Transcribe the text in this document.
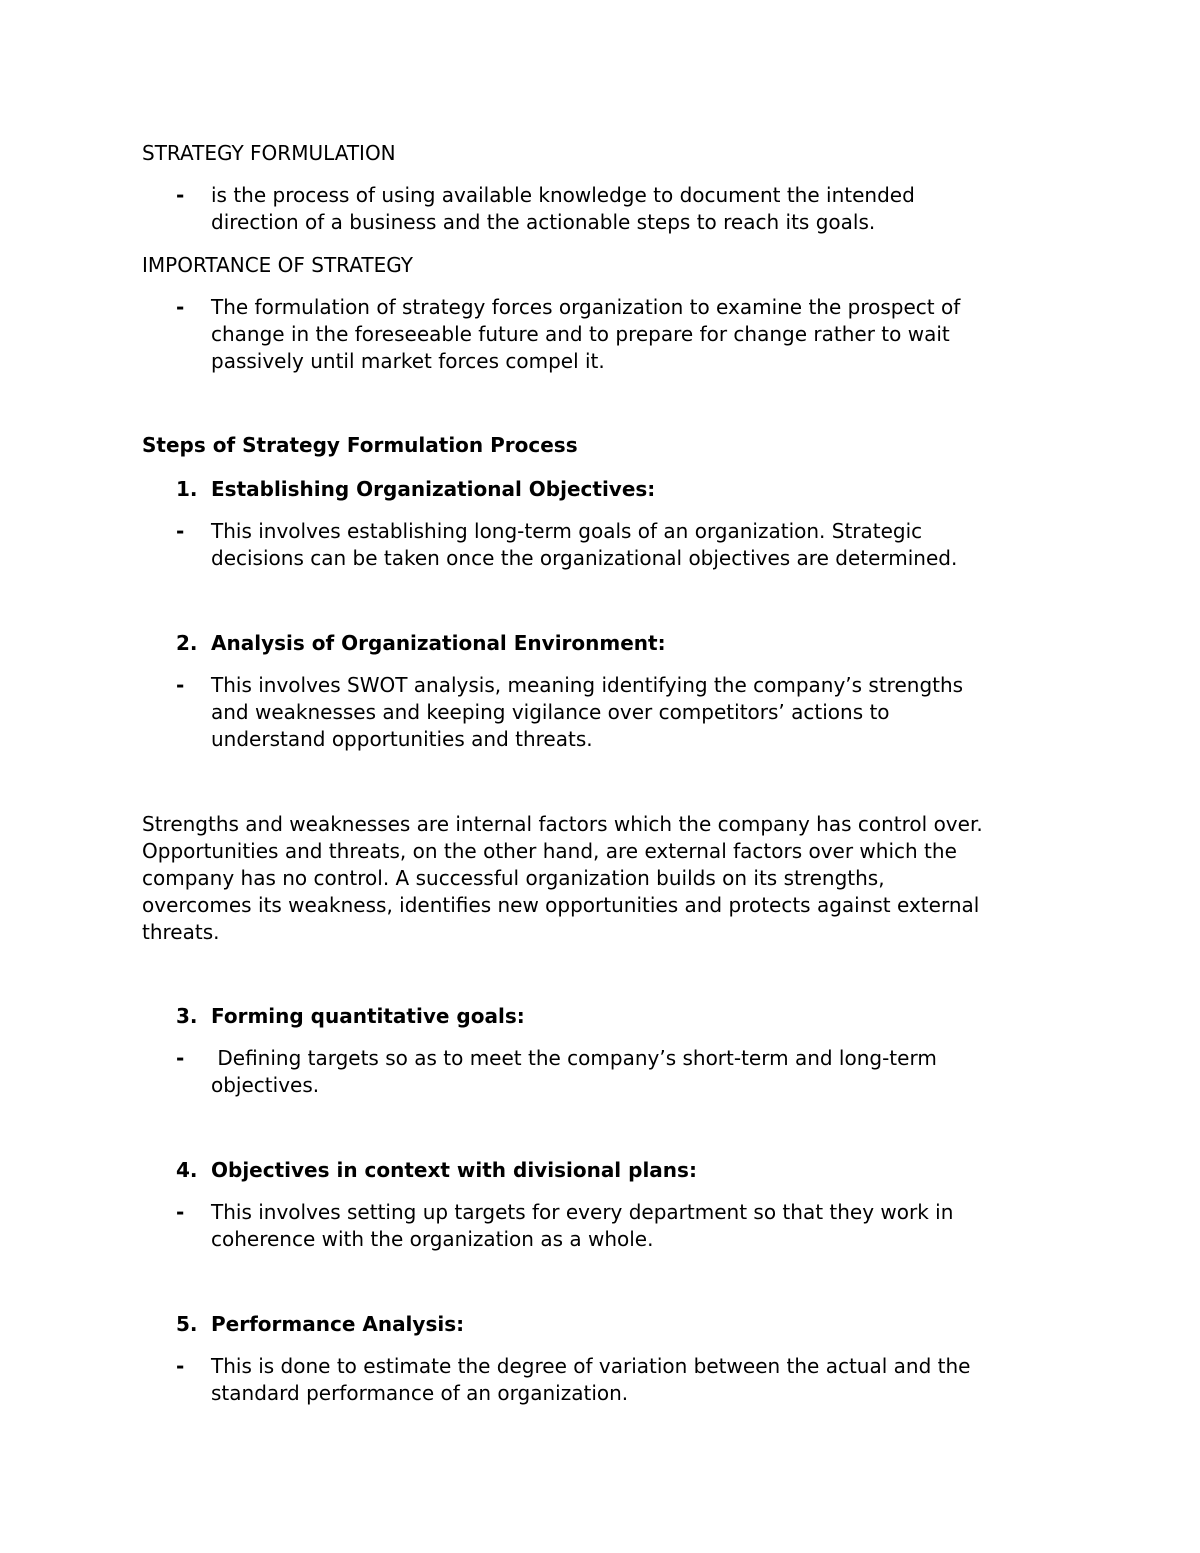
STRATEGY FORMULATION
- is the process of using available knowledge to document the intended
direction of a business and the actionable steps to reach its goals.
IMPORTANCE OF STRATEGY
- The formulation of strategy forces organization to examine the prospect of
change in the foreseeable future and to prepare for change rather to wait
passively until market forces compel it.
Steps of Strategy Formulation Process
1. Establishing Organizational Objectives:
- This involves establishing long-term goals of an organization. Strategic
decisions can be taken once the organizational objectives are determined.
2. Analysis of Organizational Environment:
- This involves SWOT analysis, meaning identifying the company’s strengths
and weaknesses and keeping vigilance over competitors’ actions to
understand opportunities and threats.
Strengths and weaknesses are internal factors which the company has control over.
Opportunities and threats, on the other hand, are external factors over which the
company has no control. A successful organization builds on its strengths,
overcomes its weakness, identifies new opportunities and protects against external
threats.
3. Forming quantitative goals:
- Defining targets so as to meet the company’s short-term and long-term
objectives.
4. Objectives in context with divisional plans:
- This involves setting up targets for every department so that they work in
coherence with the organization as a whole.
5. Performance Analysis:
- This is done to estimate the degree of variation between the actual and the
standard performance of an organization.
